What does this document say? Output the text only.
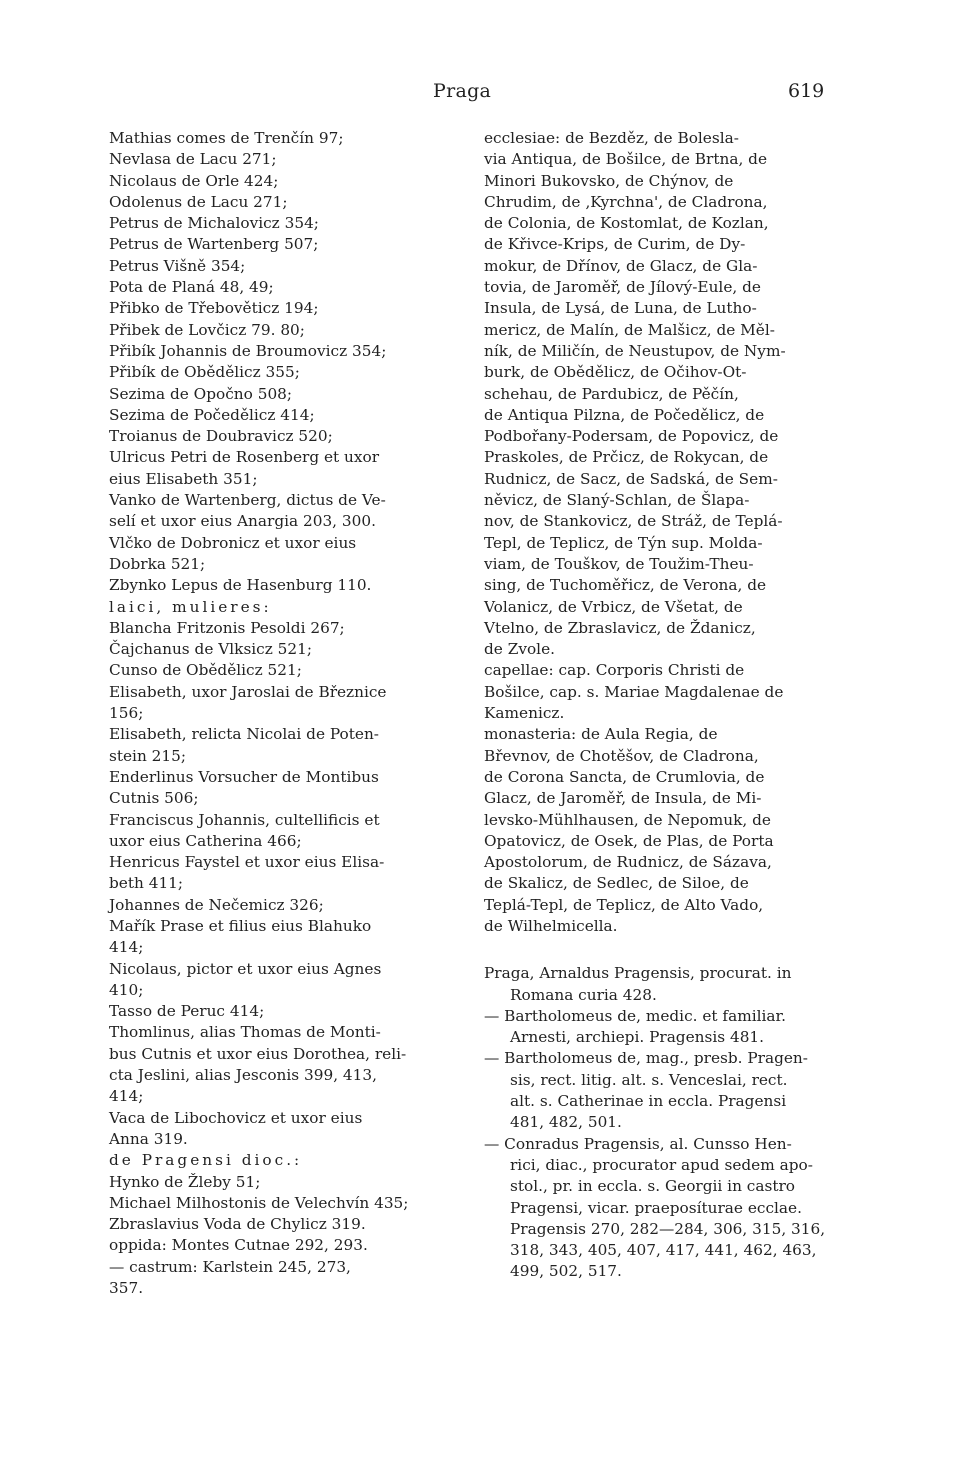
Praga	619
Mathias comes de Trenčín 97;
Nevlasa de Lacu 271;
Nicolaus de Orle 424;
Odolenus de Lacu 271;
Petrus de Michalovicz 354;
Petrus de Wartenberg 507;
Petrus Višně 354;
Pota de Planá 48, 49;
Přibko de Třebověticz 194;
Přibek de Lovčicz 79. 80;
Přibík Johannis de Broumovicz 354;
Přibík de Obědělicz 355;
Sezima de Opočno 508;
Sezima de Počedělicz 414;
Troianus de Doubravicz 520;
Ulricus Petri de Rosenberg et uxor
eius Elisabeth 351;
Vanko de Wartenberg, dictus de Ve-
selí et uxor eius Anargia 203, 300.
Vlčko de Dobronicz et uxor eius
Dobrka 521;
Zbynko Lepus de Hasenburg 110.
laici, mulieres:
Blancha Fritzonis Pesoldi 267;
Čajchanus de Vlksicz 521;
Cunso de Obědělicz 521;
Elisabeth, uxor Jaroslai de Březnice
156;
Elisabeth, relicta Nicolai de Poten-
stein 215;
Enderlinus Vorsucher de Montibus
Cutnis 506;
Franciscus Johannis, cultellificis et
uxor eius Catherina 466;
Henricus Faystel et uxor eius Elisa-
beth 411;
Johannes de Nečemicz 326;
Mařík Prase et filius eius Blahuko
414;
Nicolaus, pictor et uxor eius Agnes
410;
Tasso de Peruc 414;
Thomlinus, alias Thomas de Monti-
bus Cutnis et uxor eius Dorothea, reli-
cta Jeslini, alias Jesconis 399, 413,
414;
Vaca de Libochovicz et uxor eius
Anna 319.
de Pragensi dioc.:
Hynko de Žleby 51;
Michael Milhostonis de Velechvín 435;
Zbraslavius Voda de Chylicz 319.
oppida: Montes Cutnae 292, 293.
— castrum: Karlstein 245, 273,
357.
ecclesiae: de Bezděz, de Bolesla-
via Antiqua, de Bošilce, de Brtna, de
Minori Bukovsko, de Chýnov, de
Chrudim, de ‚Kyrchna', de Cladrona,
de Colonia, de Kostomlat, de Kozlan,
de Křivce-Krips, de Curim, de Dy-
mokur, de Dřínov, de Glacz, de Gla-
tovia, de Jaroměř, de Jílový-Eule, de
Insula, de Lysá, de Luna, de Lutho-
mericz, de Malín, de Malšicz, de Měl-
ník, de Miličín, de Neustupov, de Nym-
burk, de Obědělicz, de Očihov-Ot-
schehau, de Pardubicz, de Pěčín,
de Antiqua Pilzna, de Počedělicz, de
Podbořany-Podersam, de Popovicz, de
Praskoles, de Prčicz, de Rokycan, de
Rudnicz, de Sacz, de Sadská, de Sem-
něvicz, de Slaný-Schlan, de Šlapa-
nov, de Stankovicz, de Stráž, de Teplá-
Tepl, de Teplicz, de Týn sup. Molda-
viam, de Touškov, de Toužim-Theu-
sing, de Tuchoměřicz, de Verona, de
Volanicz, de Vrbicz, de Všetat, de
Vtelno, de Zbraslavicz, de Ždanicz,
de Zvole.
capellae: cap. Corporis Christi de
Bošilce, cap. s. Mariae Magdalenae de
Kamenicz.
monasteria: de Aula Regia, de
Břevnov, de Chotěšov, de Cladrona,
de Corona Sancta, de Crumlovia, de
Glacz, de Jaroměř, de Insula, de Mi-
levsko-Mühlhausen, de Nepomuk, de
Opatovicz, de Osek, de Plas, de Porta
Apostolorum, de Rudnicz, de Sázava,
de Skalicz, de Sedlec, de Siloe, de
Teplá-Tepl, de Teplicz, de Alto Vado,
de Wilhelmicella.
Praga, Arnaldus Pragensis, procurat. in
Romana curia 428.
— Bartholomeus de, medic. et familiar.
Arnesti, archiepi. Pragensis 481.
— Bartholomeus de, mag., presb. Pragen-
sis, rect. litig. alt. s. Venceslai, rect.
alt. s. Catherinae in eccla. Pragensi
481, 482, 501.
— Conradus Pragensis, al. Cunsso Hen-
rici, diac., procurator apud sedem apo-
stol., pr. in eccla. s. Georgii in castro
Pragensi, vicar. praeposíturae ecclae.
Pragensis 270, 282—284, 306, 315, 316,
318, 343, 405, 407, 417, 441, 462, 463,
499, 502, 517.
